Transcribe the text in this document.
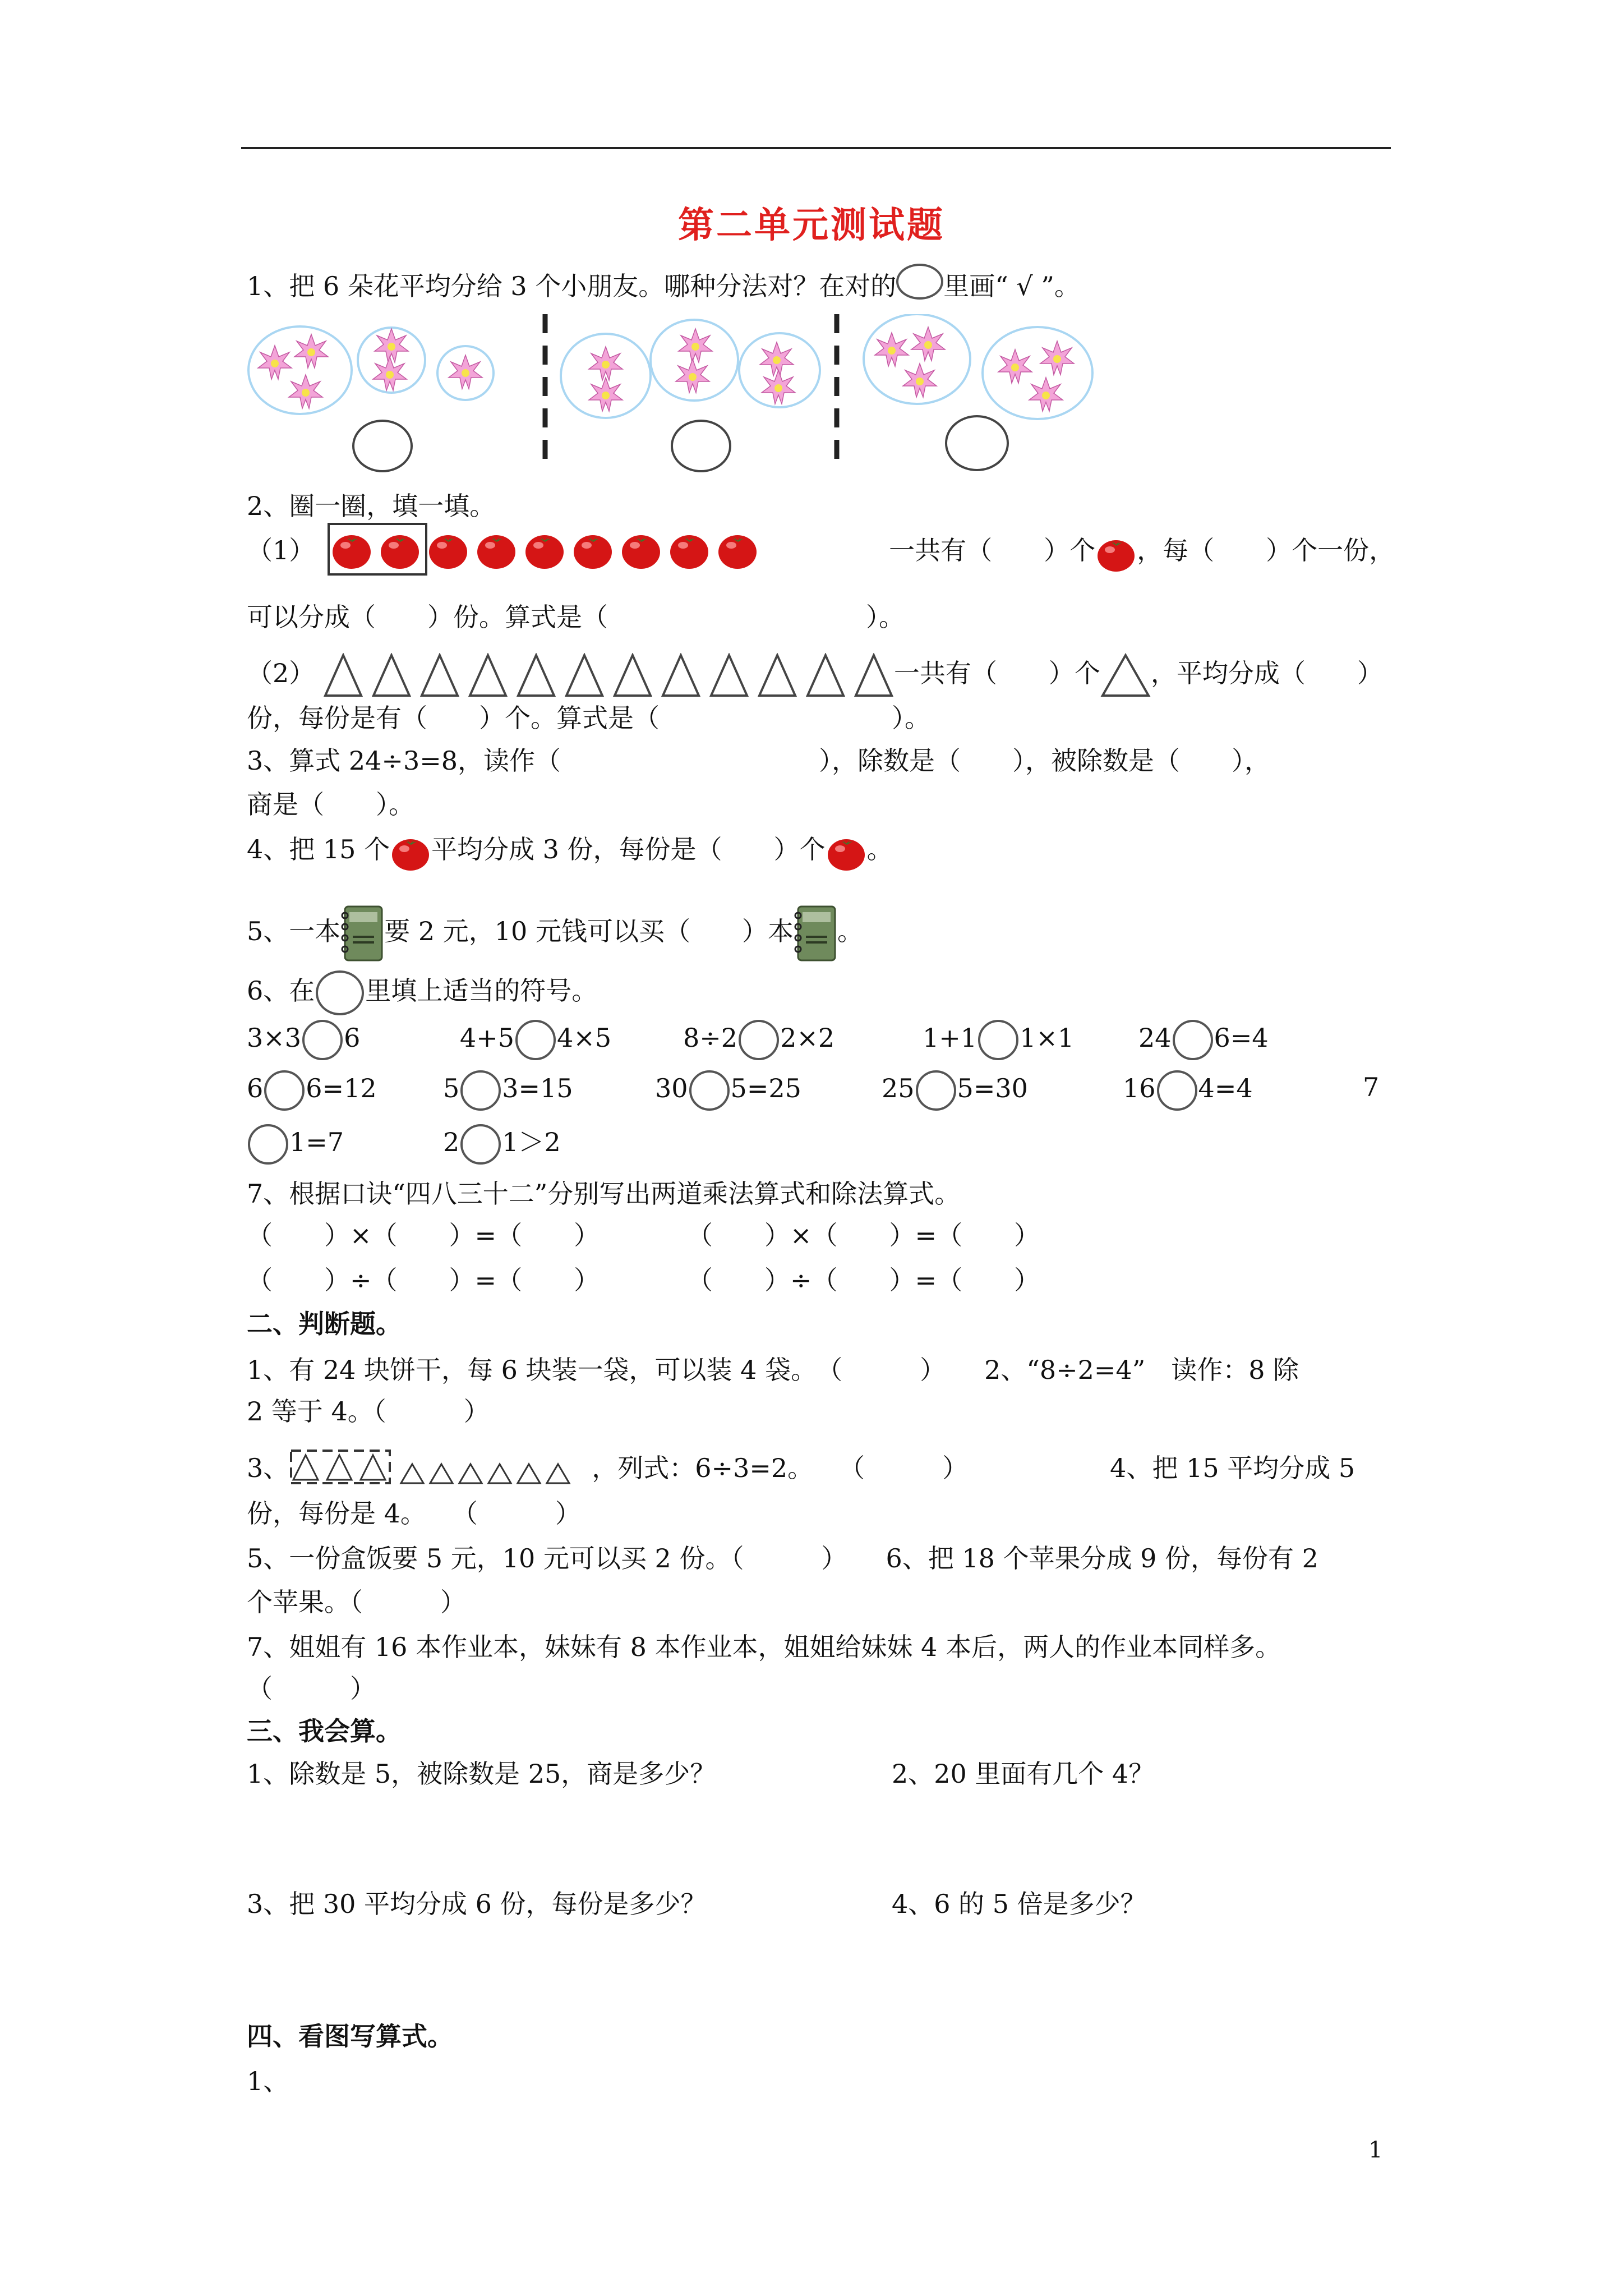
第二单元测试题
1、把 6 朵花平均分给 3 个小朋友。哪种分法对？在对的 里画“ √ ”。
2、圈一圈，填一填。
（1）	一共有（　　）个 ，每（　　）个一份，
可以分成（　　）份。算式是（　　　　　　　　　　）。
（2）	一共有（　　）个 ，平均分成（　　）
份，每份是有（　　）个。算式是（　　　　　　　　　）。
3、算式 24÷3=8，读作（　　　　　　　　　　），除数是（　　），被除数是（　　），
商是（　　）。
4、把 15 个 平均分成 3 份，每份是（　　）个 。
5、一本 要 2 元，10 元钱可以买（　　）本 。
6、在 里填上适当的符号。
3×3 6	4+5 4×5	8÷2 2×2	1+1 1×1 24 6=4
6 6=12	5 3=15	30 5=25	25 5=30	16 4=4	7
1=7	2 1＞2
7、根据口诀“四八三十二”分别写出两道乘法算式和除法算式。
（　　）×（　　）=（　　）	（　　）×（　　）=（　　）
（　　）÷（　　）=（　　）	（　　）÷（　　）=（　　）
二、判断题。
1、有 24 块饼干，每 6 块装一袋，可以装 4 袋。　（　　　）　　2、“8÷2=4”　读作：8 除
2 等于 4。（　　　）
3、	，列式：6÷3=2。　　（　　　）　　　　　　4、把 15 平均分成 5
份，每份是 4。　　（　　　）
5、一份盒饭要 5 元，10 元可以买 2 份。（　　　）　　6、把 18 个苹果分成 9 份，每份有 2
个苹果。（　　　）
7、姐姐有 16 本作业本，妹妹有 8 本作业本，姐姐给妹妹 4 本后，两人的作业本同样多。
（　　　）
三、我会算。
1、除数是 5，被除数是 25，商是多少？	2、20 里面有几个 4？
3、把 30 平均分成 6 份，每份是多少？	4、6 的 5 倍是多少？
四、看图写算式。
1、
1
